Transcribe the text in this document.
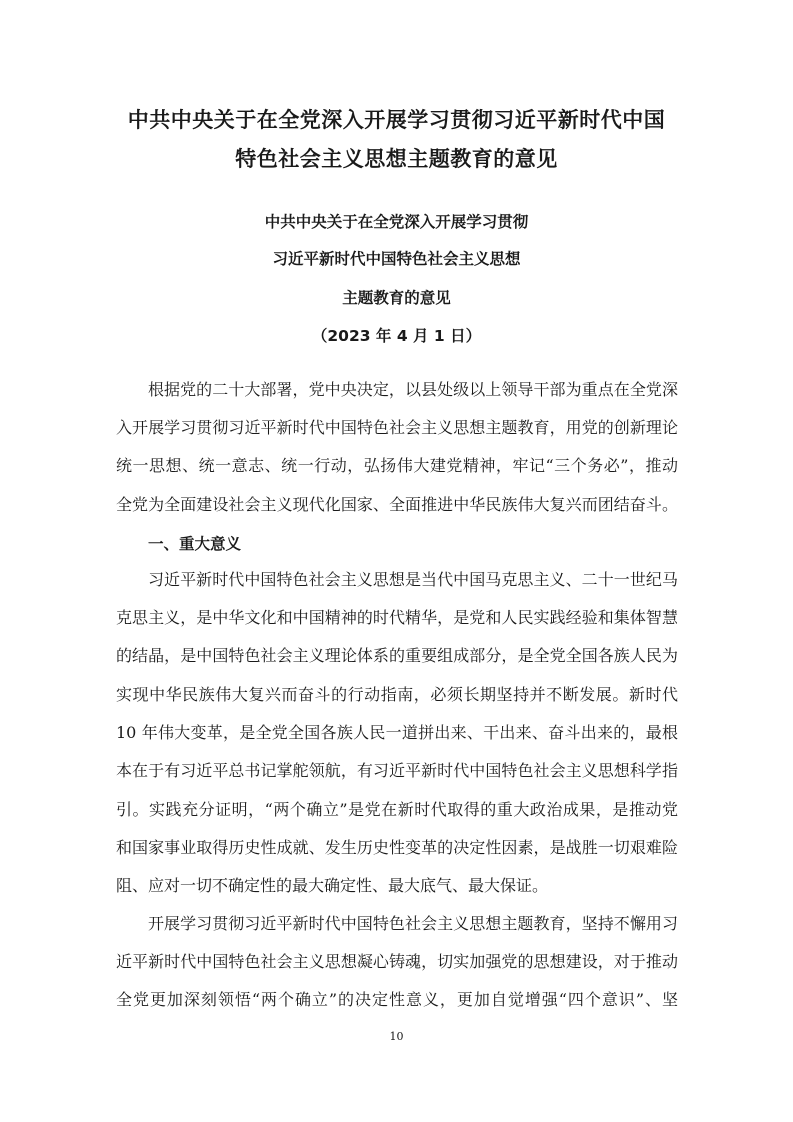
中共中央关于在全党深入开展学习贯彻习近平新时代中国
特色社会主义思想主题教育的意见
中共中央关于在全党深入开展学习贯彻
习近平新时代中国特色社会主义思想
主题教育的意见
（2023 年 4 月 1 日）
根据党的二十大部署，党中央决定，以县处级以上领导干部为重点在全党深
入开展学习贯彻习近平新时代中国特色社会主义思想主题教育，用党的创新理论
统一思想、统一意志、统一行动，弘扬伟大建党精神，牢记“三个务必”，推动
全党为全面建设社会主义现代化国家、全面推进中华民族伟大复兴而团结奋斗。
一、重大意义
习近平新时代中国特色社会主义思想是当代中国马克思主义、二十一世纪马
克思主义，是中华文化和中国精神的时代精华，是党和人民实践经验和集体智慧
的结晶，是中国特色社会主义理论体系的重要组成部分，是全党全国各族人民为
实现中华民族伟大复兴而奋斗的行动指南，必须长期坚持并不断发展。新时代
10 年伟大变革，是全党全国各族人民一道拼出来、干出来、奋斗出来的，最根
本在于有习近平总书记掌舵领航，有习近平新时代中国特色社会主义思想科学指
引。实践充分证明，“两个确立”是党在新时代取得的重大政治成果，是推动党
和国家事业取得历史性成就、发生历史性变革的决定性因素，是战胜一切艰难险
阻、应对一切不确定性的最大确定性、最大底气、最大保证。
开展学习贯彻习近平新时代中国特色社会主义思想主题教育，坚持不懈用习
近平新时代中国特色社会主义思想凝心铸魂，切实加强党的思想建设，对于推动
全党更加深刻领悟“两个确立”的决定性意义，更加自觉增强“四个意识”、坚
10
